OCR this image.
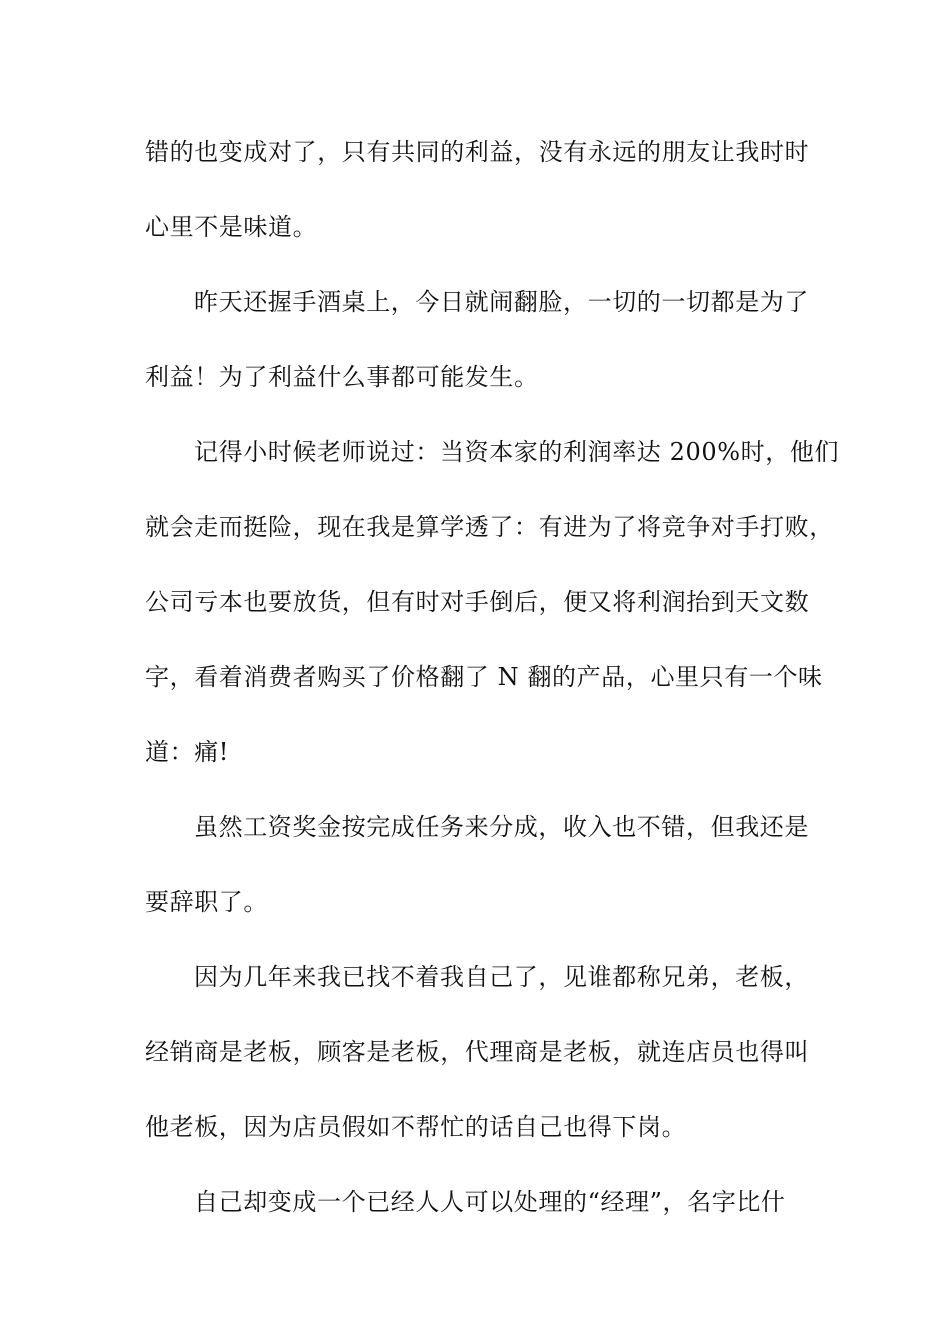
错的也变成对了，只有共同的利益，没有永远的朋友让我时时
心里不是味道。
昨天还握手酒桌上，今日就闹翻脸，一切的一切都是为了
利益！为了利益什么事都可能发生。
记得小时候老师说过：当资本家的利润率达 200%时，他们
就会走而挺险，现在我是算学透了：有进为了将竞争对手打败，
公司亏本也要放货，但有时对手倒后，便又将利润抬到天文数
字，看着消费者购买了价格翻了 N 翻的产品，心里只有一个味
道：痛!
虽然工资奖金按完成任务来分成，收入也不错，但我还是
要辞职了。
因为几年来我已找不着我自己了，见谁都称兄弟，老板，
经销商是老板，顾客是老板，代理商是老板，就连店员也得叫
他老板，因为店员假如不帮忙的话自己也得下岗。
自己却变成一个已经人人可以处理的“经理”，名字比什
